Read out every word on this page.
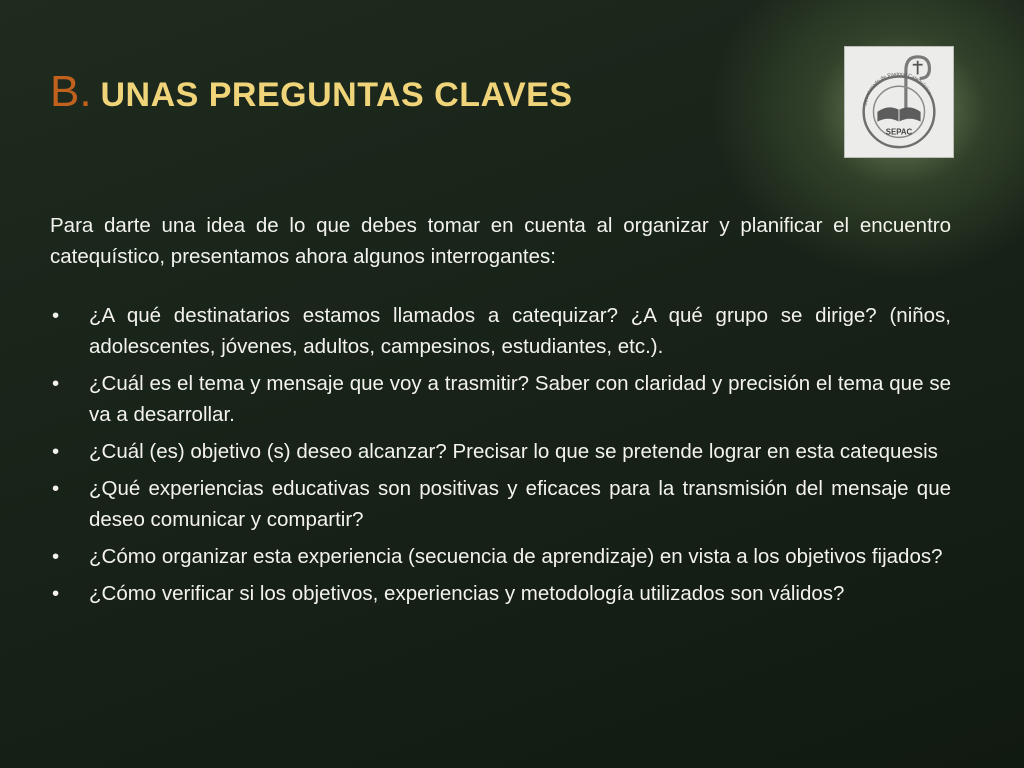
B. UNAS PREGUNTAS CLAVES
SEPAC
Secretariado de Pastoral Catequística

Para darte una idea de lo que debes tomar en cuenta al organizar y planificar el encuentro catequístico, presentamos ahora algunos interrogantes:

• ¿A qué destinatarios estamos llamados a catequizar? ¿A qué grupo se dirige? (niños, adolescentes, jóvenes, adultos, campesinos, estudiantes, etc.).
• ¿Cuál es el tema y mensaje que voy a trasmitir? Saber con claridad y precisión el tema que se va a desarrollar.
• ¿Cuál (es) objetivo (s) deseo alcanzar? Precisar lo que se pretende lograr en esta catequesis
• ¿Qué experiencias educativas son positivas y eficaces para la transmisión del mensaje que deseo comunicar y compartir?
• ¿Cómo organizar esta experiencia (secuencia de aprendizaje) en vista a los objetivos fijados?
• ¿Cómo verificar si los objetivos, experiencias y metodología utilizados son válidos?
